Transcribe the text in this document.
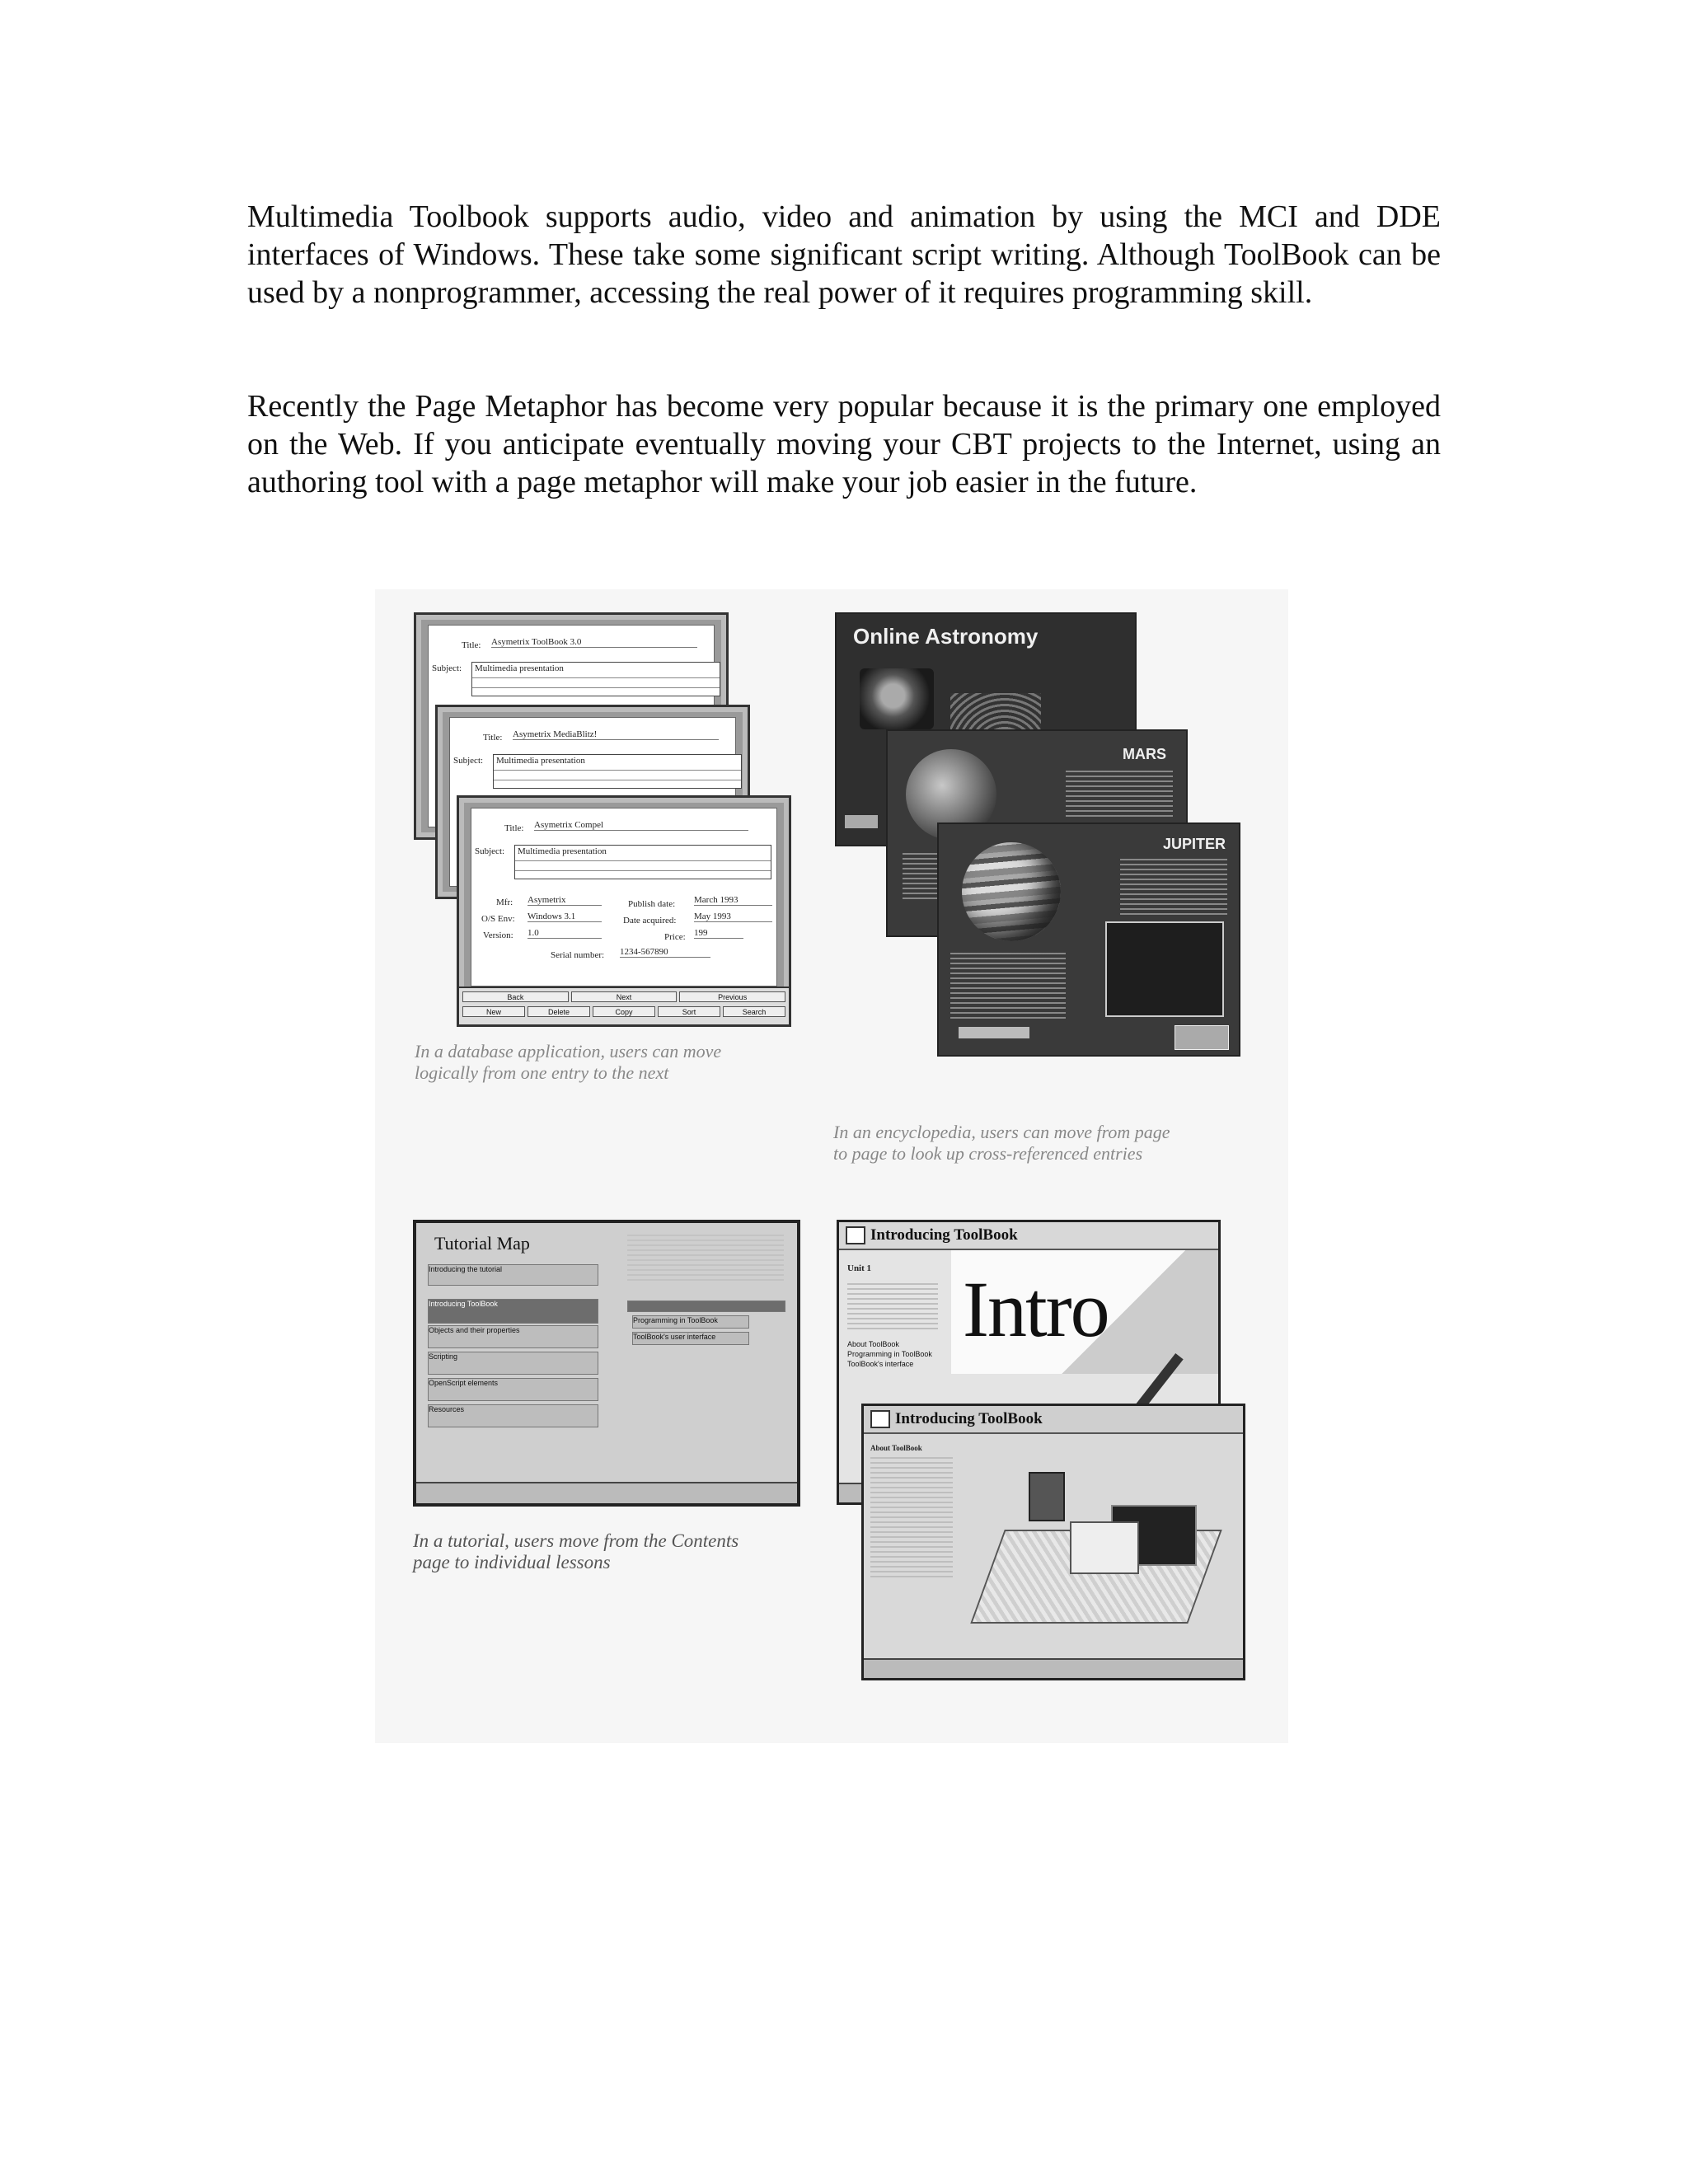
Multimedia Toolbook supports audio, video and animation by using the MCI and DDE interfaces of Windows. These take some significant script writing. Although ToolBook can be used by a nonprogrammer, accessing the real power of it requires programming skill.

Recently the Page Metaphor has become very popular because it is the primary one employed on the Web. If you anticipate eventually moving your CBT projects to the Internet, using an authoring tool with a page metaphor will make your job easier in the future.

Title: Asymetrix ToolBook 3.0
Subject: Multimedia presentation
Title: Asymetrix MediaBlitz!
Subject: Multimedia presentation
Title: Asymetrix Compel
Subject: Multimedia presentation
Mfr: Asymetrix
O/S Env: Windows 3.1
Version: 1.0
Publish date: March 1993
Date acquired: May 1993
Price: 199
Serial number: 1234-567890
Back	Next	Previous
New	Delete	Copy	Sort	Search
In a database application, users can move
logically from one entry to the next
Online Astronomy
MARS
JUPITER
In an encyclopedia, users can move from page
to page to look up cross-referenced entries
Tutorial Map
Introducing the tutorial
Introducing ToolBook
Objects and their properties
Scripting
OpenScript elements
Resources
Programming in ToolBook
ToolBook's user interface
In a tutorial, users move from the Contents
page to individual lessons
Introducing ToolBook
Unit 1
About ToolBook
Programming in ToolBook
ToolBook's interface
Intro
Introducing ToolBook
About ToolBook
